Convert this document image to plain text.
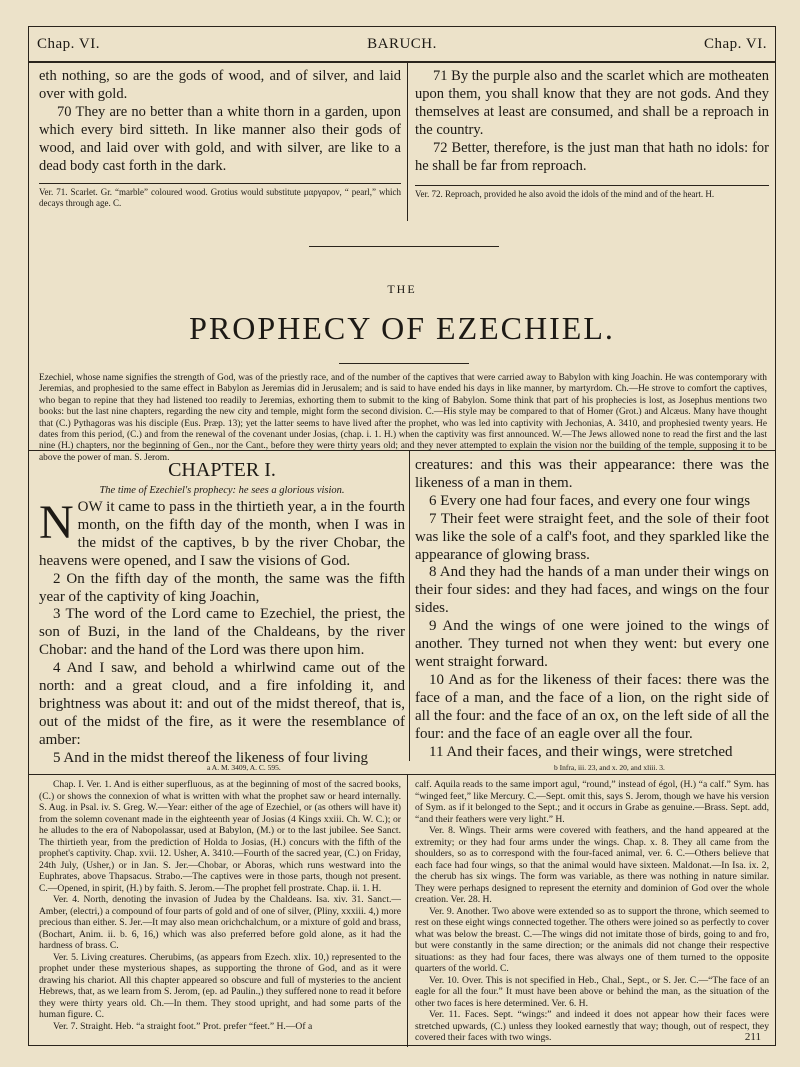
Chap. VI.	BARUCH.	Chap. VI.

eth nothing, so are the gods of wood, and of silver, and laid over with gold.

70 They are no better than a white thorn in a garden, upon which every bird sitteth. In like manner also their gods of wood, and laid over with gold, and with silver, are like to a dead body cast forth in the dark.

Ver. 71. Scarlet. Gr. “marble” coloured wood. Grotius would substitute μαργαρον, “ pearl,” which decays through age. C.

71 By the purple also and the scarlet which are motheaten upon them, you shall know that they are not gods. And they themselves at least are consumed, and shall be a reproach in the country.

72 Better, therefore, is the just man that hath no idols: for he shall be far from reproach.

Ver. 72. Reproach, provided he also avoid the idols of the mind and of the heart. H.

THE
PROPHECY OF EZECHIEL.

Ezechiel, whose name signifies the strength of God, was of the priestly race, and of the number of the captives that were carried away to Babylon with king Joachin. He was contemporary with Jeremias, and prophesied to the same effect in Babylon as Jeremias did in Jerusalem; and is said to have ended his days in like manner, by martyrdom. Ch.—He strove to comfort the captives, who began to repine that they had listened too readily to Jeremias, exhorting them to submit to the king of Babylon. Some think that part of his prophecies is lost, as Josephus mentions two books: but the last nine chapters, regarding the new city and temple, might form the second division. C.—His style may be compared to that of Homer (Grot.) and Alcæus. Many have thought that (C.) Pythagoras was his disciple (Eus. Præp. 13); yet the latter seems to have lived after the prophet, who was led into captivity with Jechonias, A. 3410, and prophesied twenty years. He dates from this period, (C.) and from the renewal of the covenant under Josias, (chap. i. 1. H.) when the captivity was first announced. W.—The Jews allowed none to read the first and the last nine (H.) chapters, nor the beginning of Gen., nor the Cant., before they were thirty years old; and they never attempted to explain the vision nor the building of the temple, supposing it to be above the power of man. S. Jerom.

CHAPTER I.
The time of Ezechiel's prophecy: he sees a glorious vision.

NOW it came to pass in the thirtieth year, a in the fourth month, on the fifth day of the month, when I was in the midst of the captives, b by the river Chobar, the heavens were opened, and I saw the visions of God.

2 On the fifth day of the month, the same was the fifth year of the captivity of king Joachin,

3 The word of the Lord came to Ezechiel, the priest, the son of Buzi, in the land of the Chaldeans, by the river Chobar: and the hand of the Lord was there upon him.

4 And I saw, and behold a whirlwind came out of the north: and a great cloud, and a fire infolding it, and brightness was about it: and out of the midst thereof, that is, out of the midst of the fire, as it were the resemblance of amber:

5 And in the midst thereof the likeness of four living

creatures: and this was their appearance: there was the likeness of a man in them.

6 Every one had four faces, and every one four wings

7 Their feet were straight feet, and the sole of their foot was like the sole of a calf's foot, and they sparkled like the appearance of glowing brass.

8 And they had the hands of a man under their wings on their four sides: and they had faces, and wings on the four sides.

9 And the wings of one were joined to the wings of another. They turned not when they went: but every one went straight forward.

10 And as for the likeness of their faces: there was the face of a man, and the face of a lion, on the right side of all the four: and the face of an ox, on the left side of all the four: and the face of an eagle over all the four.

11 And their faces, and their wings, were stretched

a A. M. 3409, A. C. 595.	b Infra, iii. 23, and x. 20, and xliii. 3.

Chap. I. Ver. 1. And is either superfluous, as at the beginning of most of the sacred books, (C.) or shows the connexion of what is written with what the prophet saw or heard internally. S. Aug. in Psal. iv. S. Greg. W.—Year: either of the age of Ezechiel, or (as others will have it) from the solemn covenant made in the eighteenth year of Josias (4 Kings xxiii. Ch. W. C.); or he alludes to the era of Nabopolassar, used at Babylon, (M.) or to the last jubilee. See Sanct. The thirtieth year, from the prediction of Holda to Josias, (H.) concurs with the fifth of the prophet's captivity. Chap. xvii. 12. Usher, A. 3410.—Fourth of the sacred year, (C.) on Friday, 24th July, (Usher,) or in Jan. S. Jer.—Chobar, or Aboras, which runs westward into the Euphrates, above Thapsacus. Strabo.—The captives were in those parts, though not present. C.—Opened, in spirit, (H.) by faith. S. Jerom.—The prophet fell prostrate. Chap. ii. 1. H.

Ver. 4. North, denoting the invasion of Judea by the Chaldeans. Isa. xiv. 31. Sanct.—Amber, (electri,) a compound of four parts of gold and of one of silver, (Pliny, xxxiii. 4,) more precious than either. S. Jer.—It may also mean orichchalchum, or a mixture of gold and brass, (Bochart, Anim. ii. b. 6, 16,) which was also preferred before gold alone, as it had the hardness of brass. C.

Ver. 5. Living creatures. Cherubims, (as appears from Ezech. xlix. 10,) represented to the prophet under these mysterious shapes, as supporting the throne of God, and as it were drawing his chariot. All this chapter appeared so obscure and full of mysteries to the ancient Hebrews, that, as we learn from S. Jerom, (ep. ad Paulin.,) they suffered none to read it before they were thirty years old. Ch.—In them. They stood upright, and had some parts of the human figure. C.

Ver. 7. Straight. Heb. “a straight foot.” Prot. prefer “feet.” H.—Of a

calf. Aquila reads to the same import agul, “round,” instead of égol, (H.) “a calf.” Sym. has “winged feet,” like Mercury. C.—Sept. omit this, says S. Jerom, though we have his version of Sym. as if it belonged to the Sept.; and it occurs in Grabe as genuine.—Brass. Sept. add, “and their feathers were very light.” H.

Ver. 8. Wings. Their arms were covered with feathers, and the hand appeared at the extremity; or they had four arms under the wings. Chap. x. 8. They all came from the shoulders, so as to correspond with the four-faced animal, ver. 6. C.—Others believe that each face had four wings, so that the animal would have sixteen. Maldonat.—In Isa. ix. 2, the cherub has six wings. The form was variable, as there was nothing in nature similar. They were perhaps designed to represent the eternity and dominion of God over the whole creation. Ver. 28. H.

Ver. 9. Another. Two above were extended so as to support the throne, which seemed to rest on these eight wings connected together. The others were joined so as perfectly to cover what was below the breast. C.—The wings did not imitate those of birds, going to and fro, but were constantly in the same direction; or the animals did not change their respective situations: as they had four faces, there was always one of them turned to the opposite quarters of the world. C.

Ver. 10. Over. This is not specified in Heb., Chal., Sept., or S. Jer. C.—“The face of an eagle for all the four.” It must have been above or behind the man, as the situation of the other two faces is here determined. Ver. 6. H.

Ver. 11. Faces. Sept. “wings:” and indeed it does not appear how their faces were stretched upwards, (C.) unless they looked earnestly that way; though, out of respect, they covered their faces with two wings.	211
